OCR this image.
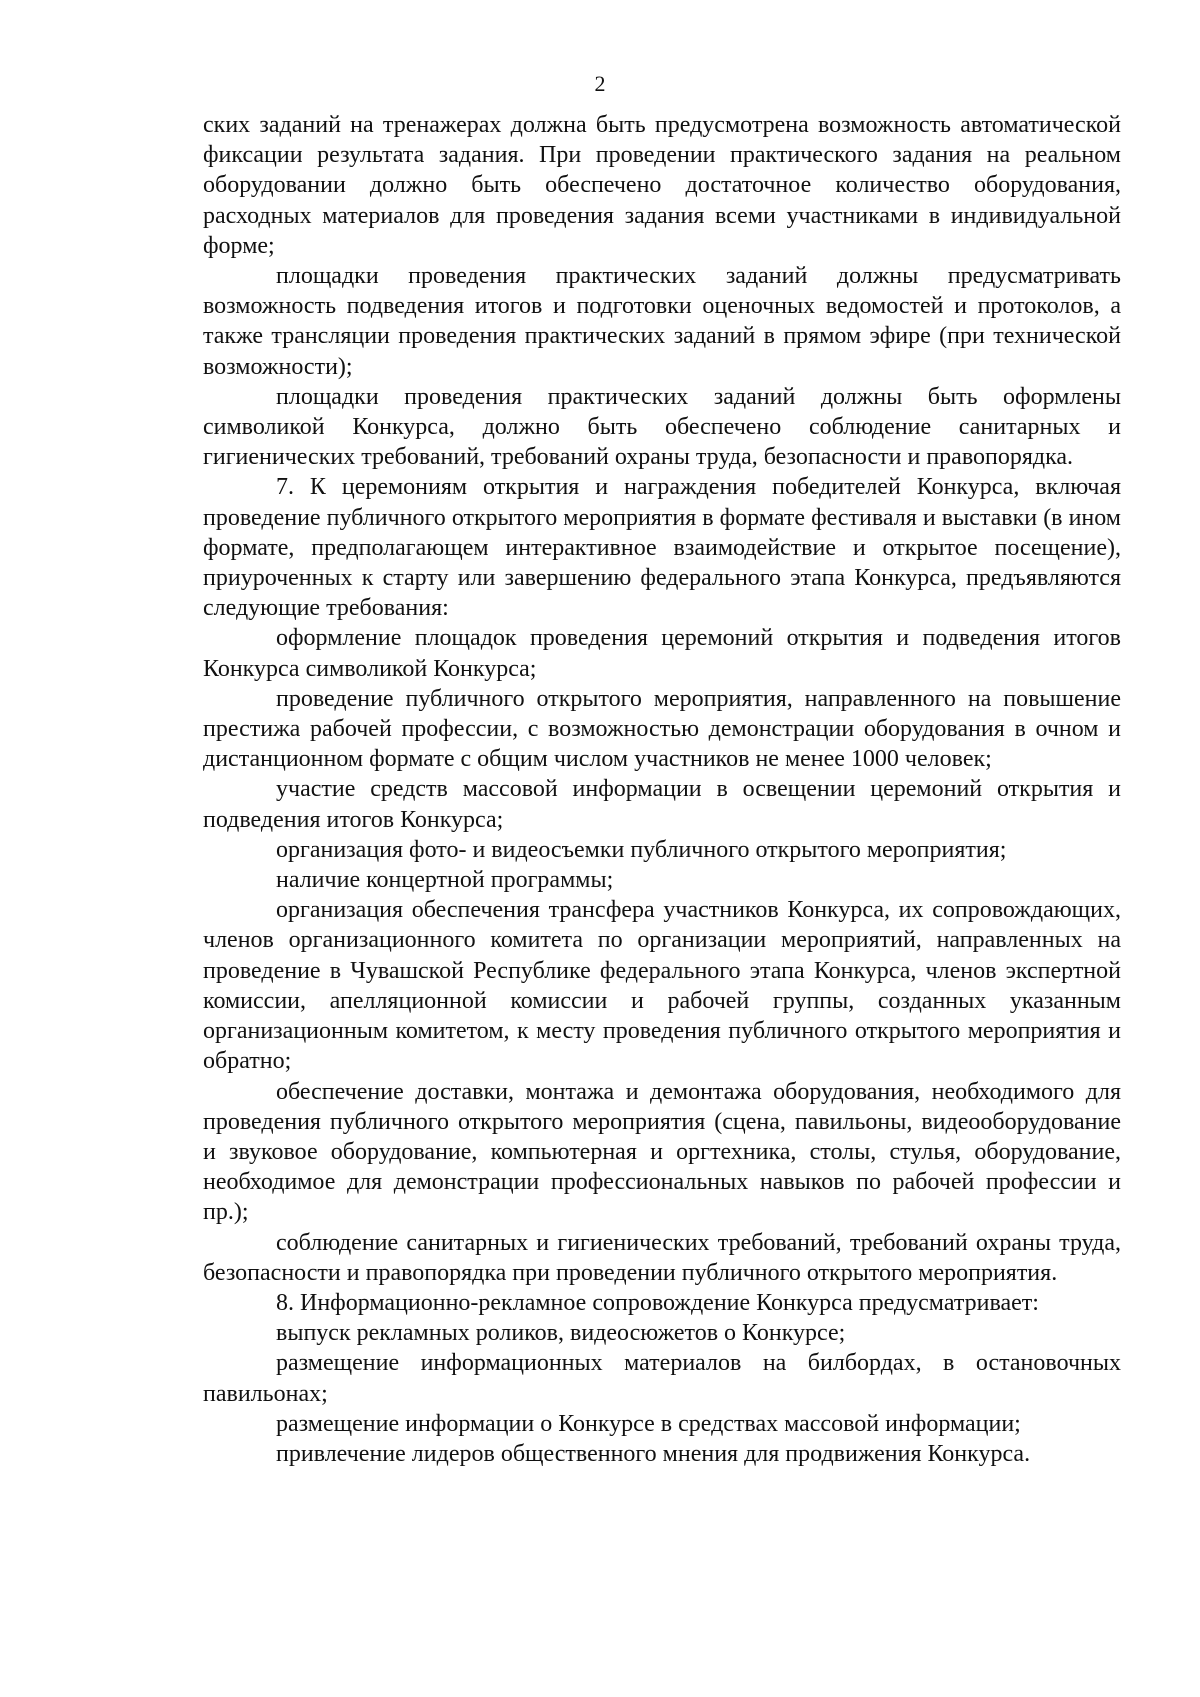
2

ских заданий на тренажерах должна быть предусмотрена возможность автоматической фиксации результата задания. При проведении практического задания на реальном оборудовании должно быть обеспечено достаточное количество оборудования, расходных материалов для проведения задания всеми участниками в индивидуальной форме;

площадки проведения практических заданий должны предусматривать возможность подведения итогов и подготовки оценочных ведомостей и протоколов, а также трансляции проведения практических заданий в прямом эфире (при технической возможности);

площадки проведения практических заданий должны быть оформлены символикой Конкурса, должно быть обеспечено соблюдение санитарных и гигиенических требований, требований охраны труда, безопасности и правопорядка.

7. К церемониям открытия и награждения победителей Конкурса, включая проведение публичного открытого мероприятия в формате фестиваля и выставки (в ином формате, предполагающем интерактивное взаимодействие и открытое посещение), приуроченных к старту или завершению федерального этапа Конкурса, предъявляются следующие требования:

оформление площадок проведения церемоний открытия и подведения итогов Конкурса символикой Конкурса;

проведение публичного открытого мероприятия, направленного на повышение престижа рабочей профессии, с возможностью демонстрации оборудования в очном и дистанционном формате с общим числом участников не менее 1000 человек;

участие средств массовой информации в освещении церемоний открытия и подведения итогов Конкурса;

организация фото- и видеосъемки публичного открытого мероприятия;

наличие концертной программы;

организация обеспечения трансфера участников Конкурса, их сопровождающих, членов организационного комитета по организации мероприятий, направленных на проведение в Чувашской Республике федерального этапа Конкурса, членов экспертной комиссии, апелляционной комиссии и рабочей группы, созданных указанным организационным комитетом, к месту проведения публичного открытого мероприятия и обратно;

обеспечение доставки, монтажа и демонтажа оборудования, необходимого для проведения публичного открытого мероприятия (сцена, павильоны, видеооборудование и звуковое оборудование, компьютерная и оргтехника, столы, стулья, оборудование, необходимое для демонстрации профессиональных навыков по рабочей профессии и пр.);

соблюдение санитарных и гигиенических требований, требований охраны труда, безопасности и правопорядка при проведении публичного открытого мероприятия.

8. Информационно-рекламное сопровождение Конкурса предусматривает:

выпуск рекламных роликов, видеосюжетов о Конкурсе;

размещение информационных материалов на билбордах, в остановочных павильонах;

размещение информации о Конкурсе в средствах массовой информации;

привлечение лидеров общественного мнения для продвижения Конкурса.
